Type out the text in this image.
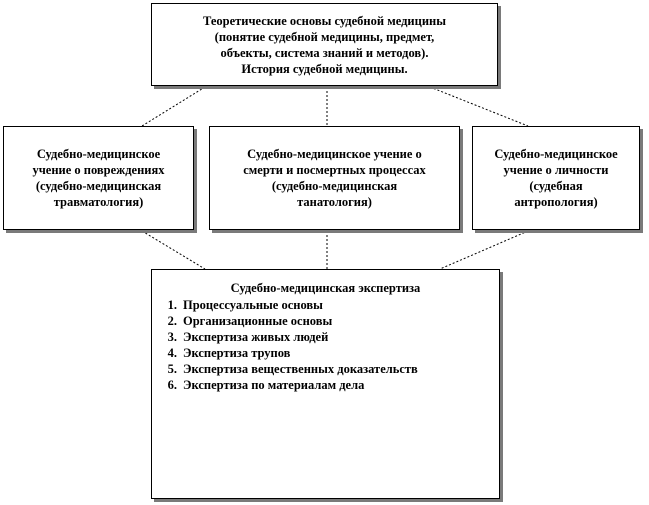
Теоретические основы судебной медицины
(понятие судебной медицины, предмет,
объекты, система знаний и методов).
История судебной медицины.
Судебно-медицинское
учение о повреждениях
(судебно-медицинская
травматология)
Судебно-медицинское учение о
смерти и посмертных процессах
(судебно-медицинская
танатология)
Судебно-медицинское
учение о личности
(судебная
антропология)
Судебно-медицинская экспертиза
1. Процессуальные основы
2. Организационные основы
3. Экспертиза живых людей
4. Экспертиза трупов
5. Экспертиза вещественных доказательств
6. Экспертиза по материалам дела
